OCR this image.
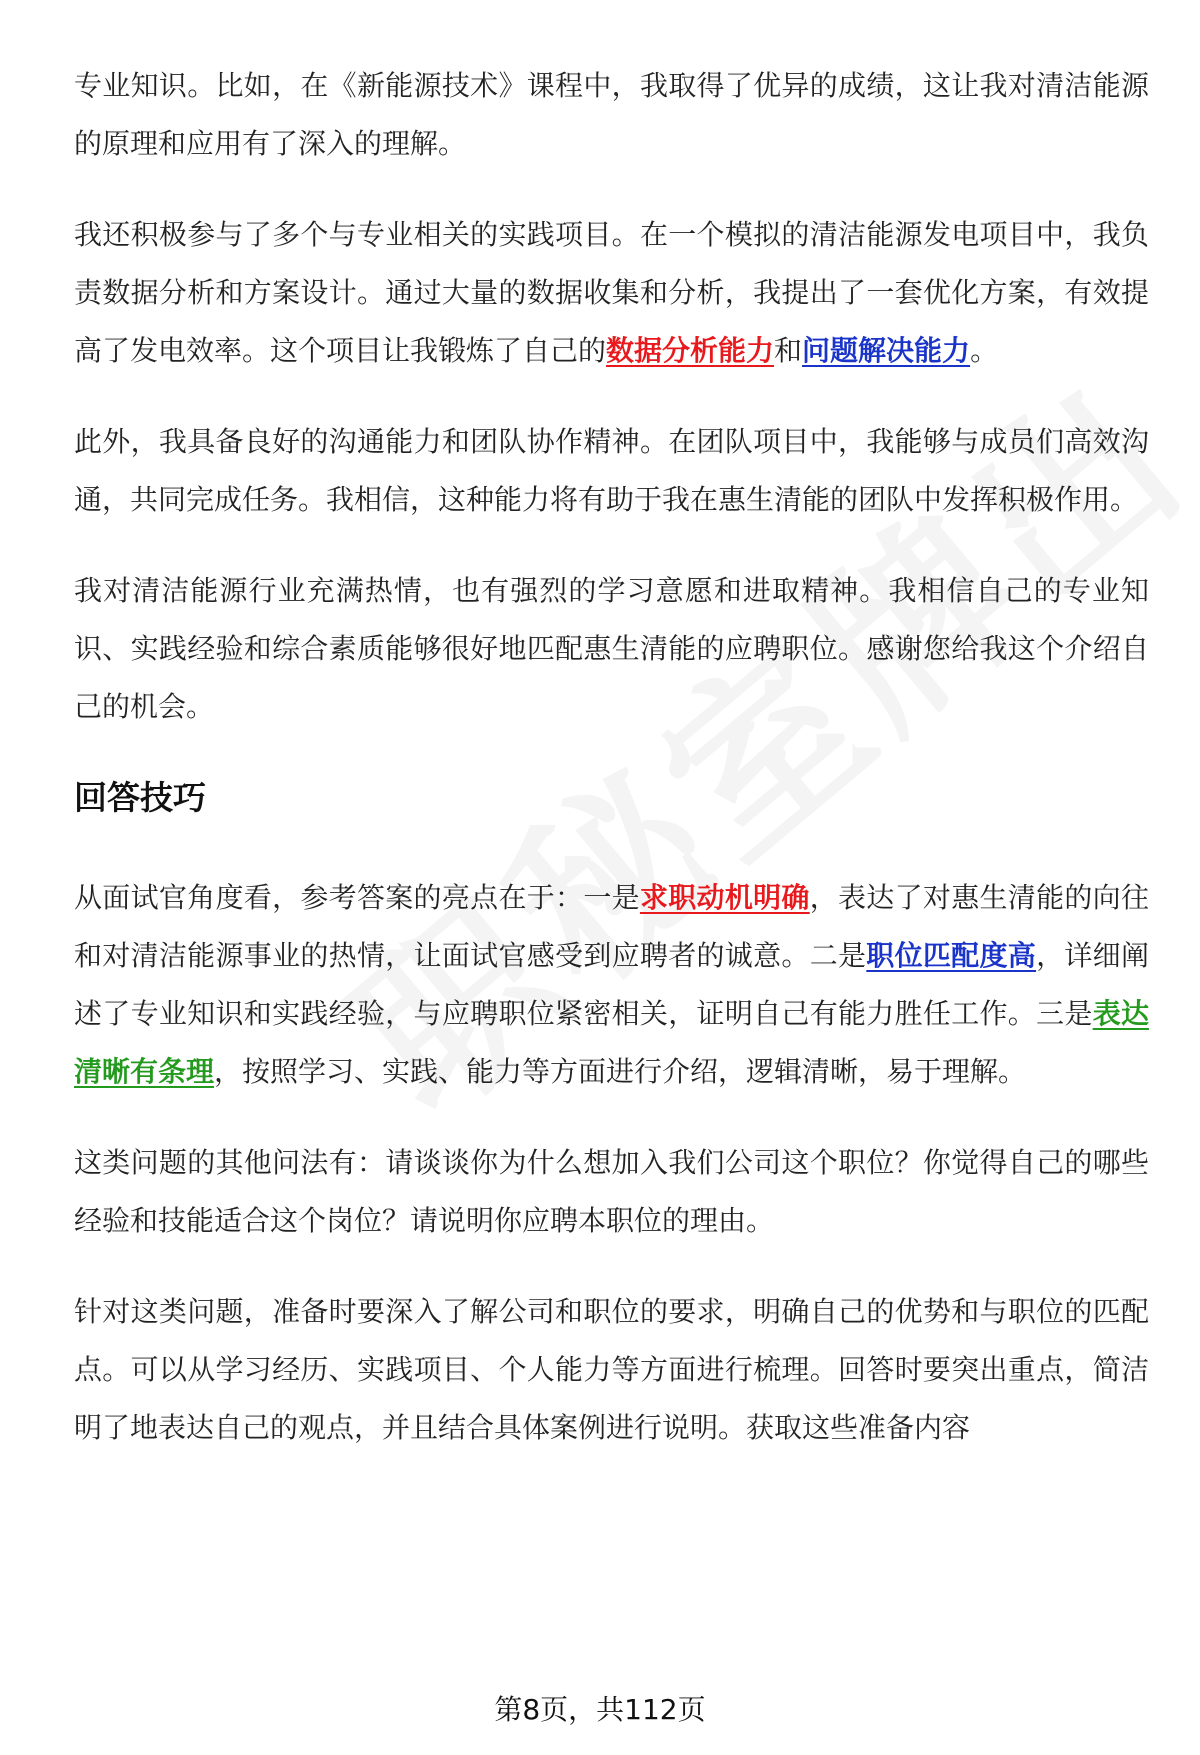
专业知识。比如，在《新能源技术》课程中，我取得了优异的成绩，这让我对清洁能源的原理和应用有了深入的理解。

我还积极参与了多个与专业相关的实践项目。在一个模拟的清洁能源发电项目中，我负责数据分析和方案设计。通过大量的数据收集和分析，我提出了一套优化方案，有效提高了发电效率。这个项目让我锻炼了自己的数据分析能力和问题解决能力。

此外，我具备良好的沟通能力和团队协作精神。在团队项目中，我能够与成员们高效沟通，共同完成任务。我相信，这种能力将有助于我在惠生清能的团队中发挥积极作用。

我对清洁能源行业充满热情，也有强烈的学习意愿和进取精神。我相信自己的专业知识、实践经验和综合素质能够很好地匹配惠生清能的应聘职位。感谢您给我这个介绍自己的机会。

回答技巧

从面试官角度看，参考答案的亮点在于：一是求职动机明确，表达了对惠生清能的向往和对清洁能源事业的热情，让面试官感受到应聘者的诚意。二是职位匹配度高，详细阐述了专业知识和实践经验，与应聘职位紧密相关，证明自己有能力胜任工作。三是表达清晰有条理，按照学习、实践、能力等方面进行介绍，逻辑清晰，易于理解。

这类问题的其他问法有：请谈谈你为什么想加入我们公司这个职位？你觉得自己的哪些经验和技能适合这个岗位？请说明你应聘本职位的理由。

针对这类问题，准备时要深入了解公司和职位的要求，明确自己的优势和与职位的匹配点。可以从学习经历、实践项目、个人能力等方面进行梳理。回答时要突出重点，简洁明了地表达自己的观点，并且结合具体案例进行说明。获取这些准备内容

第8页，共112页
